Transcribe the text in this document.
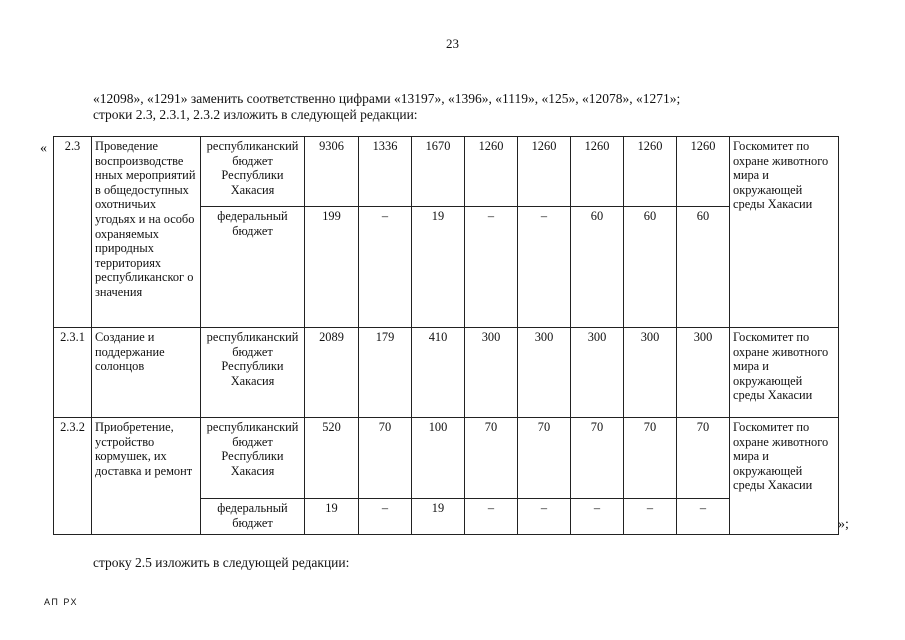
23
«12098», «1291» заменить соответственно цифрами «13197», «1396», «1119», «125», «12078», «1271»;
строки 2.3, 2.3.1, 2.3.2 изложить в следующей редакции:
« 2.3	Проведение воспроизводстве нных мероприятий в общедоступных охотничьих угодьях и на особо охраняемых природных территориях республиканског о значения	республиканский бюджет Республики Хакасия	9306	1336	1670	1260	1260	1260	1260	1260	Госкомитет по охране животного мира и окружающей среды Хакасии
		федеральный бюджет	199	–	19	–	–	60	60	60	
2.3.1	Создание и поддержание солонцов	республиканский бюджет Республики Хакасия	2089	179	410	300	300	300	300	300	Госкомитет по охране животного мира и окружающей среды Хакасии
2.3.2	Приобретение, устройство кормушек, их доставка и ремонт	республиканский бюджет Республики Хакасия	520	70	100	70	70	70	70	70	Госкомитет по охране животного мира и окружающей среды Хакасии
		федеральный бюджет	19	–	19	–	–	–	–	–	
»;
строку 2.5 изложить в следующей редакции:
АП РХ
